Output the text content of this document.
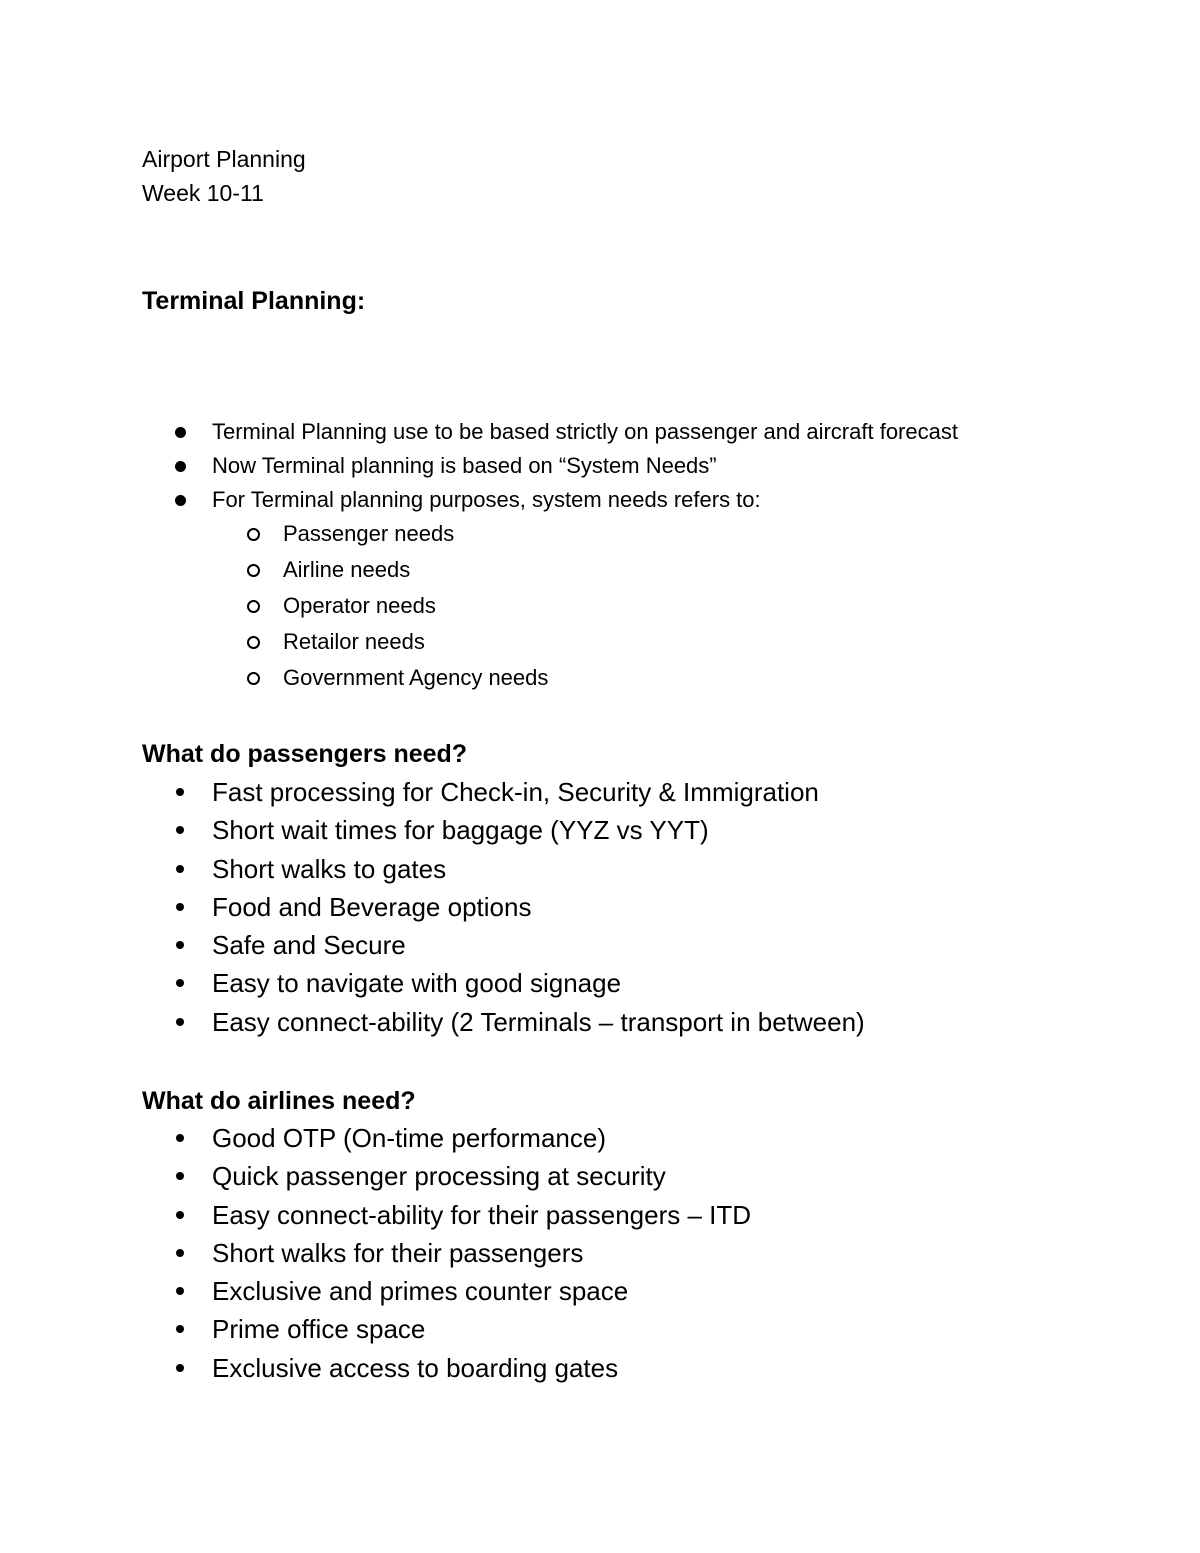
Airport Planning
Week 10-11
Terminal Planning:
Terminal Planning use to be based strictly on passenger and aircraft forecast
Now Terminal planning is based on “System Needs”
For Terminal planning purposes, system needs refers to:
Passenger needs
Airline needs
Operator needs
Retailor needs
Government Agency needs
What do passengers need?
Fast processing for Check-in, Security & Immigration
Short wait times for baggage (YYZ vs YYT)
Short walks to gates
Food and Beverage options
Safe and Secure
Easy to navigate with good signage
Easy connect-ability (2 Terminals – transport in between)
What do airlines need?
Good OTP (On-time performance)
Quick passenger processing at security
Easy connect-ability for their passengers – ITD
Short walks for their passengers
Exclusive and primes counter space
Prime office space
Exclusive access to boarding gates
